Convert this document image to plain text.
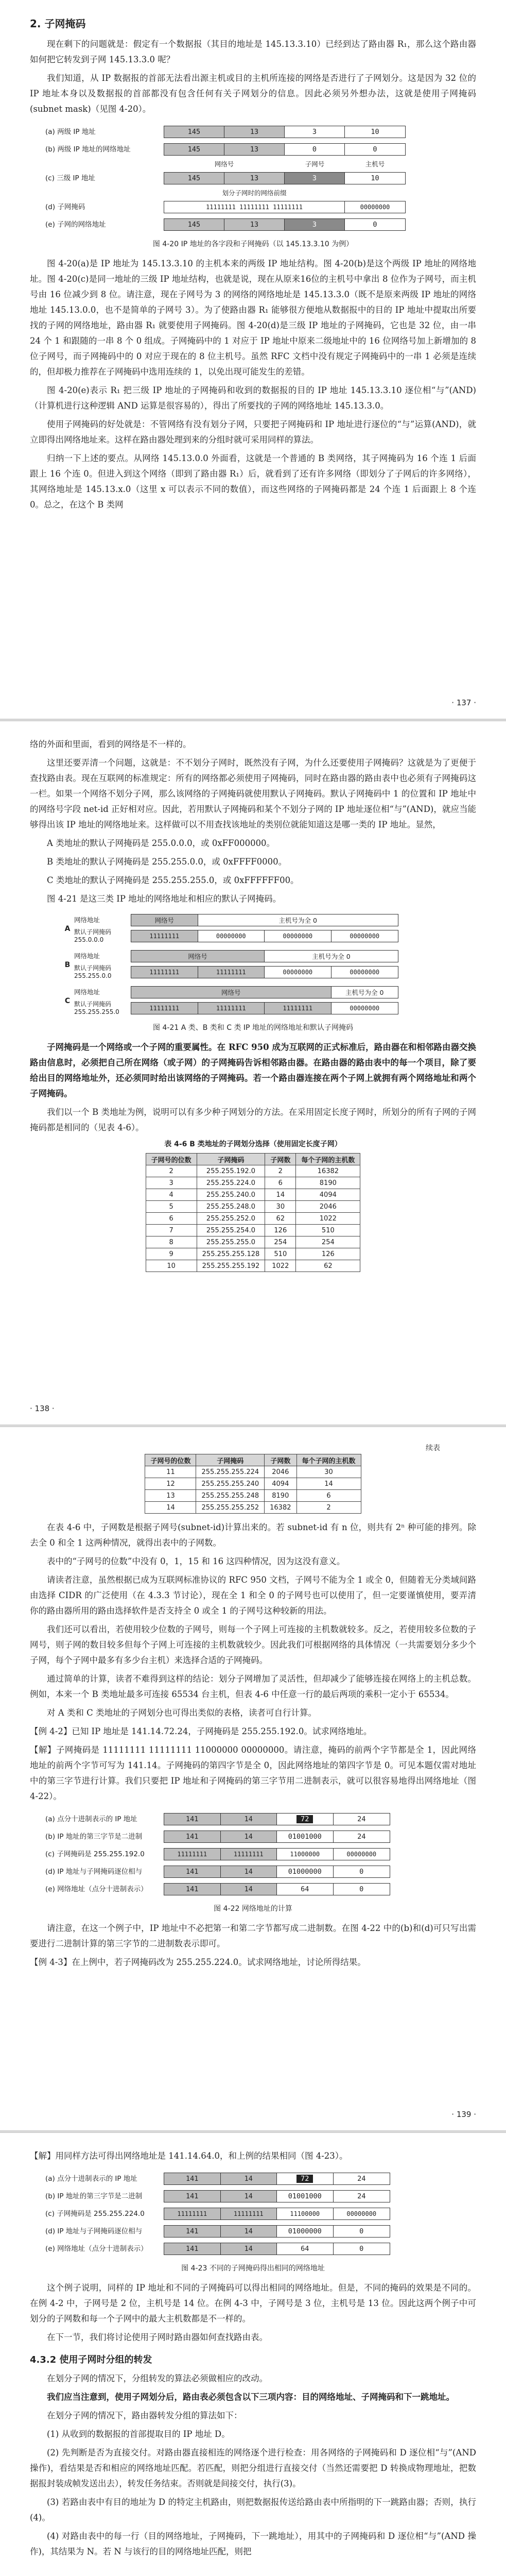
2. 子网掩码

现在剩下的问题就是：假定有一个数据报（其目的地址是 145.13.3.10）已经到达了路由器 R₁，那么这个路由器如何把它转发到子网 145.13.3.0 呢？

我们知道，从 IP 数据报的首部无法看出源主机或目的主机所连接的网络是否进行了子网划分。这是因为 32 位的 IP 地址本身以及数据报的首部都没有包含任何有关子网划分的信息。因此必须另外想办法，这就是使用子网掩码(subnet mask)（见图 4-20）。

(a) 两级 IP 地址	145	13	3	10
(b) 两级 IP 地址的网络地址	145	13	0	0
网络号	子网号	主机号
(c) 三级 IP 地址	145	13	3	10
划分子网时的网络前缀
(d) 子网掩码	11111111 11111111 11111111	00000000
(e) 子网的网络地址	145	13	3	0
图 4-20 IP 地址的各字段和子网掩码（以 145.13.3.10 为例）

图 4-20(a)是 IP 地址为 145.13.3.10 的主机本来的两级 IP 地址结构。图 4-20(b)是这个两级 IP 地址的网络地址。图 4-20(c)是同一地址的三级 IP 地址结构，也就是说，现在从原来16位的主机号中拿出 8 位作为子网号，而主机号由 16 位减少到 8 位。请注意，现在子网号为 3 的网络的网络地址是 145.13.3.0（既不是原来两级 IP 地址的网络地址 145.13.0.0，也不是简单的子网号 3）。为了使路由器 R₁ 能够很方便地从数据报中的目的 IP 地址中提取出所要找的子网的网络地址，路由器 R₁ 就要使用子网掩码。图 4-20(d)是三级 IP 地址的子网掩码，它也是 32 位，由一串 24 个 1 和跟随的一串 8 个 0 组成。子网掩码中的 1 对应于 IP 地址中原来二级地址中的 16 位网络号加上新增加的 8 位子网号，而子网掩码中的 0 对应于现在的 8 位主机号。虽然 RFC 文档中没有规定子网掩码中的一串 1 必须是连续的，但却极力推荐在子网掩码中选用连续的 1，以免出现可能发生的差错。

图 4-20(e)表示 R₁ 把三级 IP 地址的子网掩码和收到的数据报的目的 IP 地址 145.13.3.10 逐位相“与”(AND)（计算机进行这种逻辑 AND 运算是很容易的），得出了所要找的子网的网络地址 145.13.3.0。

使用子网掩码的好处就是：不管网络有没有划分子网，只要把子网掩码和 IP 地址进行逐位的“与”运算(AND)，就立即得出网络地址来。这样在路由器处理到来的分组时就可采用同样的算法。

归纳一下上述的要点。从网络 145.13.0.0 外面看，这就是一个普通的 B 类网络，其子网掩码为 16 个连 1 后面跟上 16 个连 0。但进入到这个网络（即到了路由器 R₁）后，就看到了还有许多网络（即划分了子网后的许多网络），其网络地址是 145.13.x.0（这里 x 可以表示不同的数值），而这些网络的子网掩码都是 24 个连 1 后面跟上 8 个连 0。总之，在这个 B 类网

· 137 ·

络的外面和里面，看到的网络是不一样的。

这里还要弄清一个问题，这就是：不不划分子网时，既然没有子网，为什么还要使用子网掩码？这就是为了更便于查找路由表。现在互联网的标准规定：所有的网络都必须使用子网掩码，同时在路由器的路由表中也必须有子网掩码这一栏。如果一个网络不划分子网，那么该网络的子网掩码就使用默认子网掩码。默认子网掩码中 1 的位置和 IP 地址中的网络号字段 net-id 正好相对应。因此，若用默认子网掩码和某个不划分子网的 IP 地址逐位相“与”(AND)，就应当能够得出该 IP 地址的网络地址来。这样做可以不用查找该地址的类别位就能知道这是哪一类的 IP 地址。显然，

A 类地址的默认子网掩码是 255.0.0.0，或 0xFF000000。

B 类地址的默认子网掩码是 255.255.0.0，或 0xFFFF0000。

C 类地址的默认子网掩码是 255.255.255.0，或 0xFFFFFF00。

图 4-21 是这三类 IP 地址的网络地址和相应的默认子网掩码。

A
网络地址	网络号	主机号为全 0
默认子网掩码
255.0.0.0	11111111	00000000	00000000	00000000
B
网络地址	网络号	主机号为全 0
默认子网掩码
255.255.0.0	11111111	11111111	00000000	00000000
C
网络地址	网络号	主机号为全 0
默认子网掩码
255.255.255.0	11111111	11111111	11111111	00000000
图 4-21 A 类、B 类和 C 类 IP 地址的网络地址和默认子网掩码

子网掩码是一个网络或一个子网的重要属性。在 RFC 950 成为互联网的正式标准后，路由器在和相邻路由器交换路由信息时，必须把自己所在网络（或子网）的子网掩码告诉相邻路由器。在路由器的路由表中的每一个项目，除了要给出目的网络地址外，还必须同时给出该网络的子网掩码。若一个路由器连接在两个子网上就拥有两个网络地址和两个子网掩码。

我们以一个 B 类地址为例，说明可以有多少种子网划分的方法。在采用固定长度子网时，所划分的所有子网的子网掩码都是相同的（见表 4-6）。

表 4-6 B 类地址的子网划分选择（使用固定长度子网）
子网号的位数	子网掩码	子网数	每个子网的主机数
2	255.255.192.0	2	16382
3	255.255.224.0	6	8190
4	255.255.240.0	14	4094
5	255.255.248.0	30	2046
6	255.255.252.0	62	1022
7	255.255.254.0	126	510
8	255.255.255.0	254	254
9	255.255.255.128	510	126
10	255.255.255.192	1022	62
· 138 ·
续表
子网号的位数	子网掩码	子网数	每个子网的主机数
11	255.255.255.224	2046	30
12	255.255.255.240	4094	14
13	255.255.255.248	8190	6
14	255.255.255.252	16382	2

在表 4-6 中，子网数是根据子网号(subnet-id)计算出来的。若 subnet-id 有 n 位，则共有 2ⁿ 种可能的排列。除去全 0 和全 1 这两种情况，就得出表中的子网数。

表中的“子网号的位数”中没有 0，1，15 和 16 这四种情况，因为这没有意义。

请读者注意，虽然根据已成为互联网标准协议的 RFC 950 文档，子网号不能为全 1 或全 0，但随着无分类域间路由选择 CIDR 的广泛使用（在 4.3.3 节讨论），现在全 1 和全 0 的子网号也可以使用了，但一定要谨慎使用，要弄清你的路由器所用的路由选择软件是否支持全 0 或全 1 的子网号这种较新的用法。

我们还可以看出，若使用较少位数的子网号，则每一个子网上可连接的主机数就较多。反之，若使用较多位数的子网号，则子网的数目较多但每个子网上可连接的主机数就较少。因此我们可根据网络的具体情况（一共需要划分多少个子网，每个子网中最多有多少台主机）来选择合适的子网掩码。

通过简单的计算，读者不难得到这样的结论：划分子网增加了灵活性，但却减少了能够连接在网络上的主机总数。例如，本来一个 B 类地址最多可连接 65534 台主机，但表 4-6 中任意一行的最后两项的乘积一定小于 65534。

对 A 类和 C 类地址的子网划分也可得出类似的表格，读者可自行计算。

【例 4-2】已知 IP 地址是 141.14.72.24，子网掩码是 255.255.192.0。试求网络地址。

【解】子网掩码是 11111111 11111111 11000000 00000000。请注意，掩码的前两个字节都是全 1，因此网络地址的前两个字节可写为 141.14。子网掩码的第四字节是全 0，因此网络地址的第四字节是 0。可见本题仅需对地址中的第三字节进行计算。我们只要把 IP 地址和子网掩码的第三字节用二进制表示，就可以很容易地得出网络地址（图 4-22）。

(a) 点分十进制表示的 IP 地址	141	14	72	24
(b) IP 地址的第三字节是二进制	141	14	01001000	24
(c) 子网掩码是 255.255.192.0	11111111	11111111	11000000	00000000
(d) IP 地址与子网掩码逐位相与	141	14	01000000	0
(e) 网络地址（点分十进制表示）	141	14	64	0
图 4-22 网络地址的计算

请注意，在这一个例子中，IP 地址中不必把第一和第二字节都写成二进制数。在图 4-22 中的(b)和(d)可只写出需要进行二进制计算的第三字节的二进制数表示即可。

【例 4-3】在上例中，若子网掩码改为 255.255.224.0。试求网络地址，讨论所得结果。

· 139 ·

【解】用同样方法可得出网络地址是 141.14.64.0，和上例的结果相同（图 4-23）。

(a) 点分十进制表示的 IP 地址	141	14	72	24
(b) IP 地址的第三字节是二进制	141	14	01001000	24
(c) 子网掩码是 255.255.224.0	11111111	11111111	11100000	00000000
(d) IP 地址与子网掩码逐位相与	141	14	01000000	0
(e) 网络地址（点分十进制表示）	141	14	64	0
图 4-23 不同的子网掩码得出相同的网络地址

这个例子说明，同样的 IP 地址和不同的子网掩码可以得出相同的网络地址。但是，不同的掩码的效果是不同的。在例 4-2 中，子网号是 2 位，主机号是 14 位。在例 4-3 中，子网号是 3 位，主机号是 13 位。因此这两个例子中可划分的子网数和每一个子网中的最大主机数都是不一样的。

在下一节，我们将讨论使用子网时路由器如何查找路由表。

4.3.2 使用子网时分组的转发

在划分子网的情况下，分组转发的算法必须做相应的改动。

我们应当注意到，使用子网划分后，路由表必须包含以下三项内容：目的网络地址、子网掩码和下一跳地址。

在划分子网的情况下，路由器转发分组的算法如下：

(1) 从收到的数据报的首部提取目的 IP 地址 D。

(2) 先判断是否为直接交付。对路由器直接相连的网络逐个进行检查：用各网络的子网掩码和 D 逐位相“与”(AND 操作)，看结果是否和相应的网络地址匹配。若匹配，则把分组进行直接交付（当然还需要把 D 转换成物理地址，把数据报封装成帧发送出去），转发任务结束。否则就是间接交付，执行(3)。

(3) 若路由表中有目的地址为 D 的特定主机路由，则把数据报传送给路由表中所指明的下一跳路由器；否则，执行(4)。

(4) 对路由表中的每一行（目的网络地址，子网掩码，下一跳地址），用其中的子网掩码和 D 逐位相“与”(AND 操作)，其结果为 N。若 N 与该行的目的网络地址匹配，则把
